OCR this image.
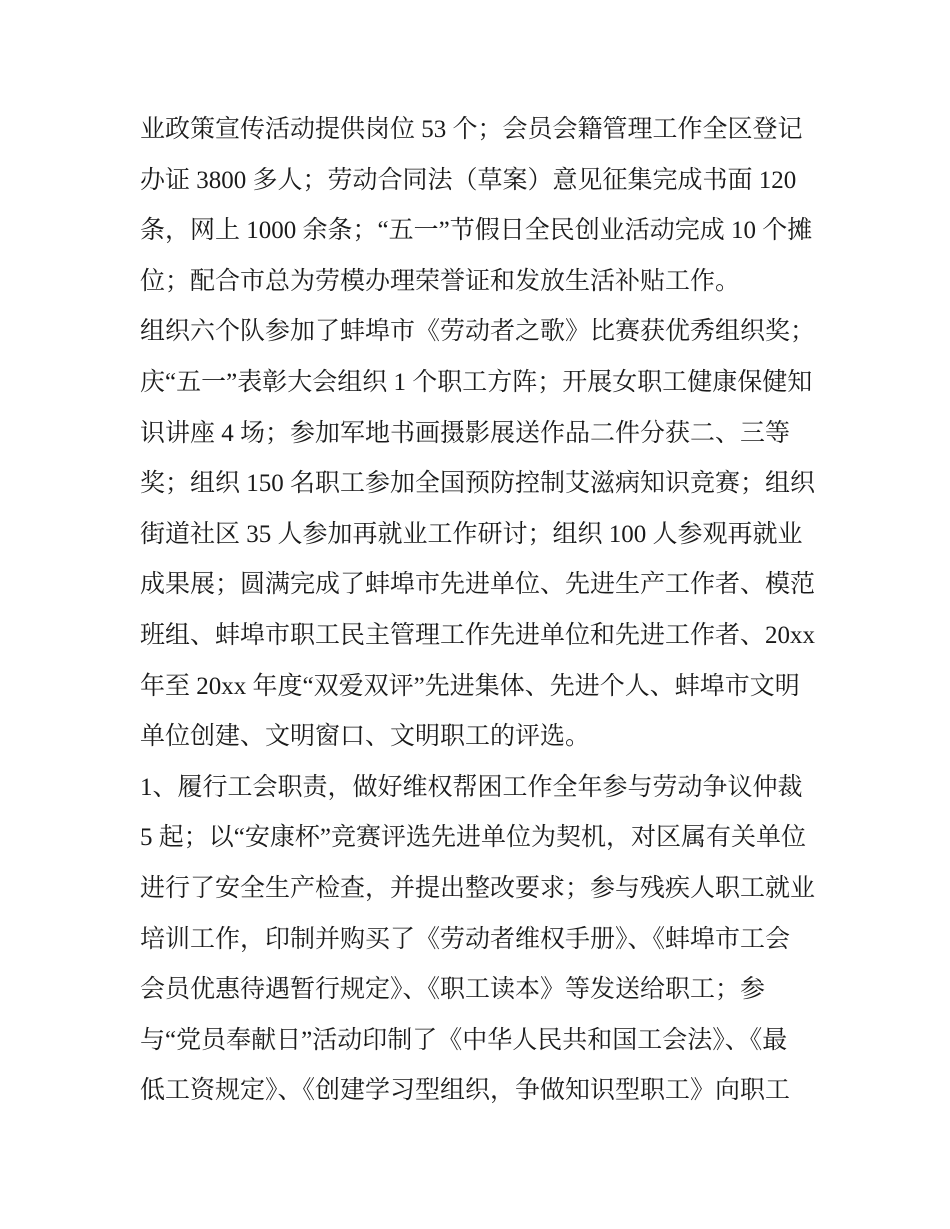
业政策宣传活动提供岗位 53 个；会员会籍管理工作全区登记
办证 3800 多人；劳动合同法（草案）意见征集完成书面 120
条，网上 1000 余条；“五一”节假日全民创业活动完成 10 个摊
位；配合市总为劳模办理荣誉证和发放生活补贴工作。
组织六个队参加了蚌埠市《劳动者之歌》比赛获优秀组织奖；
庆“五一”表彰大会组织 1 个职工方阵；开展女职工健康保健知
识讲座 4 场；参加军地书画摄影展送作品二件分获二、三等
奖；组织 150 名职工参加全国预防控制艾滋病知识竞赛；组织
街道社区 35 人参加再就业工作研讨；组织 100 人参观再就业
成果展；圆满完成了蚌埠市先进单位、先进生产工作者、模范
班组、蚌埠市职工民主管理工作先进单位和先进工作者、20xx
年至 20xx 年度“双爱双评”先进集体、先进个人、蚌埠市文明
单位创建、文明窗口、文明职工的评选。
1、履行工会职责，做好维权帮困工作全年参与劳动争议仲裁
5 起；以“安康杯”竞赛评选先进单位为契机，对区属有关单位
进行了安全生产检查，并提出整改要求；参与残疾人职工就业
培训工作，印制并购买了《劳动者维权手册》、《蚌埠市工会
会员优惠待遇暂行规定》、《职工读本》等发送给职工；参
与“党员奉献日”活动印制了《中华人民共和国工会法》、《最
低工资规定》、《创建学习型组织，争做知识型职工》向职工
